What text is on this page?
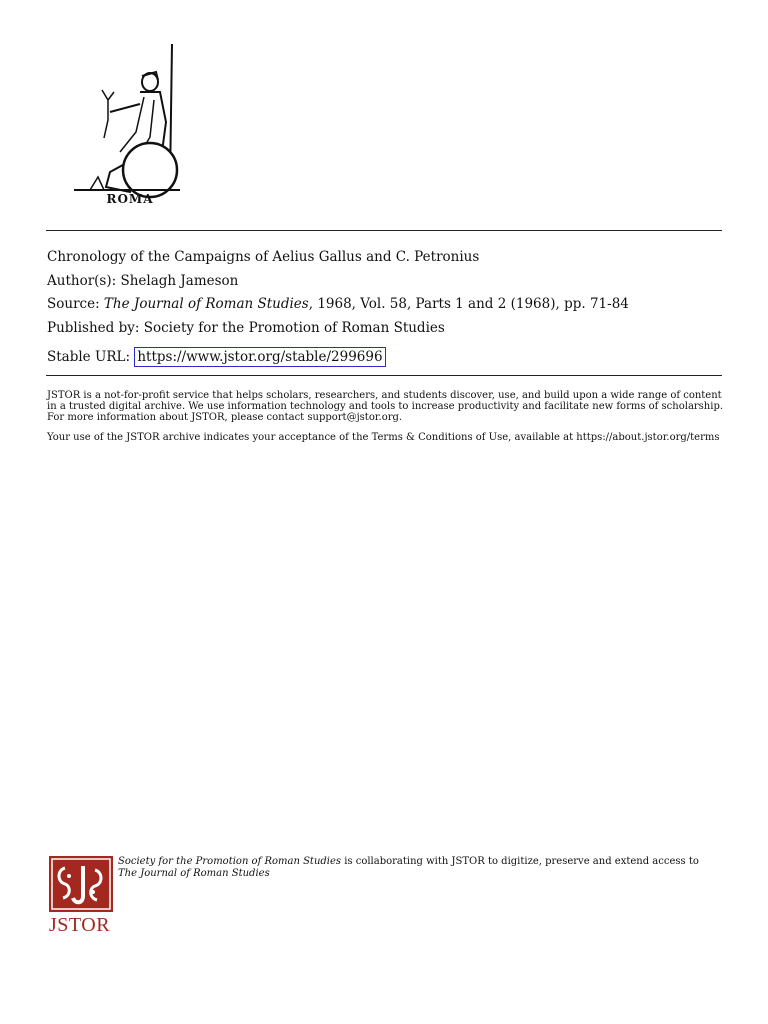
ROMA
Chronology of the Campaigns of Aelius Gallus and C. Petronius
Author(s): Shelagh Jameson
Source: The Journal of Roman Studies, 1968, Vol. 58, Parts 1 and 2 (1968), pp. 71-84
Published by: Society for the Promotion of Roman Studies
Stable URL: https://www.jstor.org/stable/299696
JSTOR is a not-for-profit service that helps scholars, researchers, and students discover, use, and build upon a wide range of content in a trusted digital archive. We use information technology and tools to increase productivity and facilitate new forms of scholarship. For more information about JSTOR, please contact support@jstor.org.
Your use of the JSTOR archive indicates your acceptance of the Terms & Conditions of Use, available at https://about.jstor.org/terms
JSTOR
Society for the Promotion of Roman Studies is collaborating with JSTOR to digitize, preserve and extend access to The Journal of Roman Studies
